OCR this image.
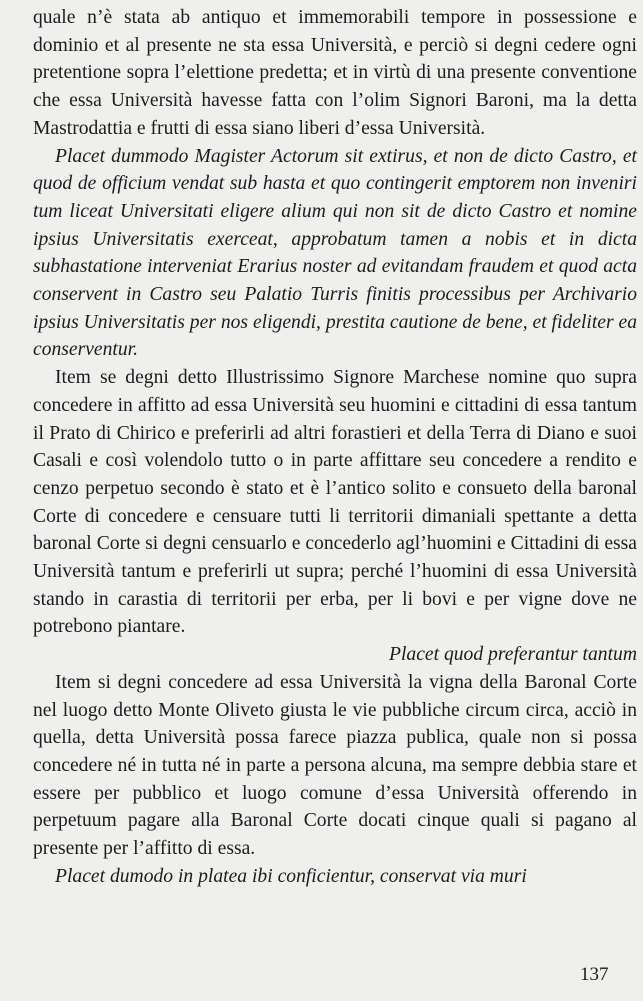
quale n’è stata ab antiquo et immemorabili tempore in possessione e dominio et al presente ne sta essa Università, e perciò si degni cedere ogni pretentione sopra l’elettione predetta; et in virtù di una presente conventione che essa Università havesse fatta con l’olim Signori Baroni, ma la detta Mastrodattia e frutti di essa siano liberi d’essa Università.

Placet dummodo Magister Actorum sit extirus, et non de dicto Castro, et quod de officium vendat sub hasta et quo contingerit emptorem non inveniri tum liceat Universitati eligere alium qui non sit de dicto Castro et nomine ipsius Universitatis exerceat, approbatum tamen a nobis et in dicta subhastatione interveniat Erarius noster ad evitandam fraudem et quod acta conservent in Castro seu Palatio Turris finitis processibus per Archivario ipsius Universitatis per nos eligendi, prestita cautione de bene, et fideliter ea conserventur.

Item se degni detto Illustrissimo Signore Marchese nomine quo supra concedere in affitto ad essa Università seu huomini e cittadini di essa tantum il Prato di Chirico e preferirli ad altri forastieri et della Terra di Diano e suoi Casali e così volendolo tutto o in parte affittare seu concedere a rendito e cenzo perpetuo secondo è stato et è l’antico solito e consueto della baronal Corte di concedere e censuare tutti li territorii dimaniali spettante a detta baronal Corte si degni censuarlo e concederlo agl’huomini e Cittadini di essa Università tantum e preferirli ut supra; perché l’huomini di essa Università stando in carastia di territorii per erba, per li bovi e per vigne dove ne potrebono piantare.

Placet quod preferantur tantum

Item si degni concedere ad essa Università la vigna della Baronal Corte nel luogo detto Monte Oliveto giusta le vie pubbliche circum circa, acciò in quella, detta Università possa farece piazza publica, quale non si possa concedere né in tutta né in parte a persona alcuna, ma sempre debbia stare et essere per pubblico et luogo comune d’essa Università offerendo in perpetuum pagare alla Baronal Corte docati cinque quali si pagano al presente per l’affitto di essa.

Placet dumodo in platea ibi conficientur, conservat via muri

137
